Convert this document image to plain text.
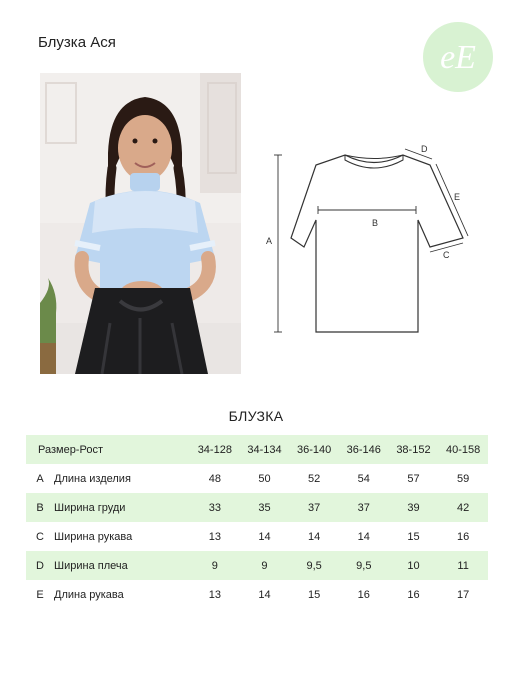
Блузка Ася	eE
B
A
D
E
C
БЛУЗКА
Размер-Рост		34-128	34-134	36-140	36-146	38-152	40-158
A	Длина изделия	48	50	52	54	57	59
B	Ширина груди	33	35	37	37	39	42
C	Ширина рукава	13	14	14	14	15	16
D	Ширина плеча	9	9	9,5	9,5	10	11
E	Длина рукава	13	14	15	16	16	17
